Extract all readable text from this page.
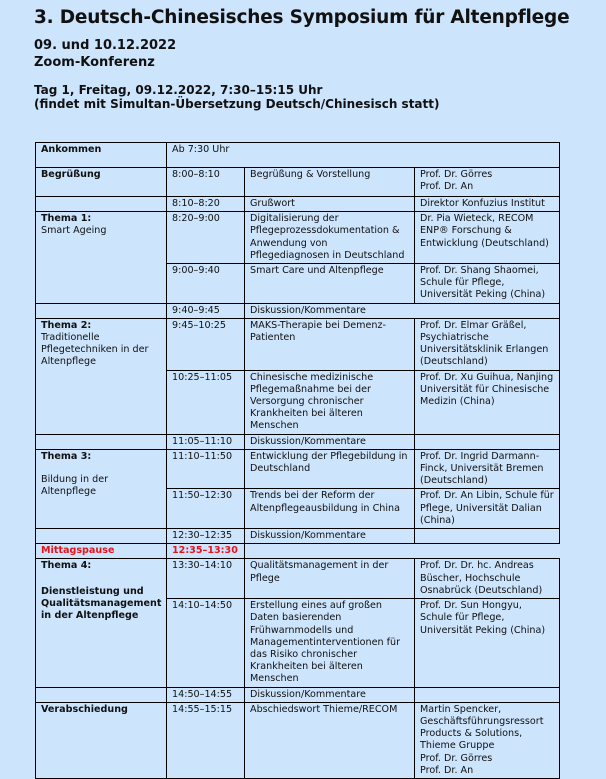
3. Deutsch-Chinesisches Symposium für Altenpflege
09. und 10.12.2022
Zoom-Konferenz
Tag 1, Freitag, 09.12.2022, 7:30–15:15 Uhr
(findet mit Simultan-Übersetzung Deutsch/Chinesisch statt)
Ankommen	Ab 7:30 Uhr		
Begrüßung	8:00–8:10	Begrüßung & Vorstellung	Prof. Dr. Görres
Prof. Dr. An

	8:10–8:20	Grußwort	Direktor Konfuzius Institut

Thema 1:
Smart Ageing	8:20–9:00	Digitalisierung der Pflegeprozessdokumentation & Anwendung von Pflegediagnosen in Deutschland	Dr. Pia Wieteck, RECOM ENP® Forschung & Entwicklung (Deutschland)
	9:00–9:40	Smart Care und Altenpflege	Prof. Dr. Shang Shaomei, Schule für Pflege, Universität Peking (China)
	9:40–9:45	Diskussion/Kommentare	

Thema 2:
Traditionelle Pflegetechniken in der Altenpflege	9:45–10:25	MAKS-Therapie bei Demenz-Patienten	Prof. Dr. Elmar Gräßel, Psychiatrische Universitätsklinik Erlangen (Deutschland)
	10:25–11:05	Chinesische medizinische Pflegemaßnahme bei der Versorgung chronischer Krankheiten bei älteren Menschen	Prof. Dr. Xu Guihua, Nanjing Universität für Chinesische Medizin (China)
	11:05–11:10	Diskussion/Kommentare	

Thema 3:
Bildung in der Altenpflege	11:10–11:50	Entwicklung der Pflegebildung in Deutschland	Prof. Dr. Ingrid Darmann-Finck, Universität Bremen (Deutschland)
	11:50–12:30	Trends bei der Reform der Altenpflegeausbildung in China	Prof. Dr. An Libin, Schule für Pflege, Universität Dalian (China)
	12:30–12:35	Diskussion/Kommentare	
Mittagspause	12:35–13:30		

Thema 4:
Dienstleistung und Qualitätsmanagement in der Altenpflege	13:30–14:10	Qualitätsmanagement in der Pflege	Prof. Dr. Dr. hc. Andreas Büscher, Hochschule Osnabrück (Deutschland)
	14:10–14:50	Erstellung eines auf großen Daten basierenden Frühwarnmodells und Managementinterventionen für das Risiko chronischer Krankheiten bei älteren Menschen	Prof. Dr. Sun Hongyu, Schule für Pflege, Universität Peking (China)
	14:50–14:55	Diskussion/Kommentare	
Verabschiedung	14:55–15:15	Abschiedswort Thieme/RECOM	Martin Spencker, Geschäftsführungsressort Products & Solutions, Thieme Gruppe
Prof. Dr. Görres
Prof. Dr. An
